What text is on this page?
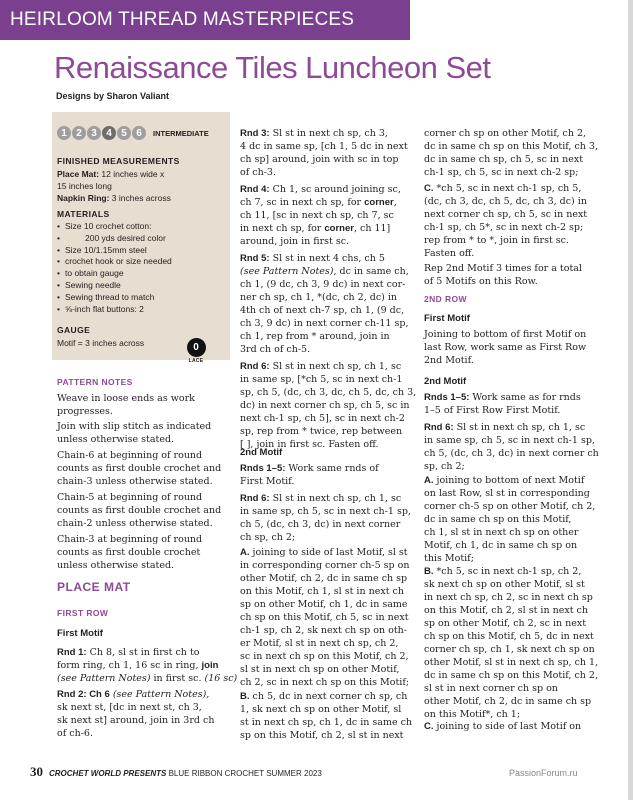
HEIRLOOM THREAD MASTERPIECES
Renaissance Tiles Luncheon Set
Designs by Sharon Valiant
1 2 3 4 5 6	INTERMEDIATE
FINISHED MEASUREMENTS
Place Mat: 12 inches wide x
15 inches long
Napkin Ring: 3 inches across
MATERIALS
0
LACE
GAUGE
Motif = 3 inches across
• Size 10 crochet cotton:
• 200 yds desired color
• Size 10/1.15mm steel
• crochet hook or size needed
• to obtain gauge
• Sewing needle
• Sewing thread to match
• ⅝-inch flat buttons: 2
PATTERN NOTES
Weave in loose ends as work
progresses.
Join with slip stitch as indicated
unless otherwise stated.
Chain-6 at beginning of round
counts as first double crochet and
chain-3 unless otherwise stated.
Chain-5 at beginning of round
counts as first double crochet and
chain-2 unless otherwise stated.
Chain-3 at beginning of round
counts as first double crochet
unless otherwise stated.
PLACE MAT
FIRST ROW
First Motif
Rnd 1: Ch 8, sl st in first ch to
form ring, ch 1, 16 sc in ring, join
(see Pattern Notes) in first sc. (16 sc)
Rnd 2: Ch 6 (see Pattern Notes),
sk next st, [dc in next st, ch 3,
sk next st] around, join in 3rd ch
of ch-6.
Rnd 3: Sl st in next ch sp, ch 3,
4 dc in same sp, [ch 1, 5 dc in next
ch sp] around, join with sc in top
of ch-3.
Rnd 4: Ch 1, sc around joining sc,
ch 7, sc in next ch sp, for corner,
ch 11, [sc in next ch sp, ch 7, sc
in next ch sp, for corner, ch 11]
around, join in first sc.
Rnd 5: Sl st in next 4 chs, ch 5
(see Pattern Notes), dc in same ch,
ch 1, (9 dc, ch 3, 9 dc) in next cor-
ner ch sp, ch 1, *(dc, ch 2, dc) in
4th ch of next ch-7 sp, ch 1, (9 dc,
ch 3, 9 dc) in next corner ch-11 sp,
ch 1, rep from * around, join in
3rd ch of ch-5.
Rnd 6: Sl st in next ch sp, ch 1, sc
in same sp, [*ch 5, sc in next ch-1
sp, ch 5, (dc, ch 3, dc, ch 5, dc, ch 3,
dc) in next corner ch sp, ch 5, sc in
next ch-1 sp, ch 5], sc in next ch-2
sp, rep from * twice, rep between
[ ], join in first sc. Fasten off.
2nd Motif
Rnds 1–5: Work same rnds of
First Motif.
Rnd 6: Sl st in next ch sp, ch 1, sc
in same sp, ch 5, sc in next ch-1 sp,
ch 5, (dc, ch 3, dc) in next corner
ch sp, ch 2;
A. joining to side of last Motif, sl st
in corresponding corner ch-5 sp on
other Motif, ch 2, dc in same ch sp
on this Motif, ch 1, sl st in next ch
sp on other Motif, ch 1, dc in same
ch sp on this Motif, ch 5, sc in next
ch-1 sp, ch 2, sk next ch sp on oth-
er Motif, sl st in next ch sp, ch 2,
sc in next ch sp on this Motif, ch 2,
sl st in next ch sp on other Motif,
ch 2, sc in next ch sp on this Motif;
B. ch 5, dc in next corner ch sp, ch
1, sk next ch sp on other Motif, sl
st in next ch sp, ch 1, dc in same ch
sp on this Motif, ch 2, sl st in next
corner ch sp on other Motif, ch 2,
dc in same ch sp on this Motif, ch 3,
dc in same ch sp, ch 5, sc in next
ch-1 sp, ch 5, sc in next ch-2 sp;
C. *ch 5, sc in next ch-1 sp, ch 5,
(dc, ch 3, dc, ch 5, dc, ch 3, dc) in
next corner ch sp, ch 5, sc in next
ch-1 sp, ch 5*, sc in next ch-2 sp;
rep from * to *, join in first sc.
Fasten off.
Rep 2nd Motif 3 times for a total
of 5 Motifs on this Row.
2ND ROW
First Motif
Joining to bottom of first Motif on
last Row, work same as First Row
2nd Motif.
2nd Motif
Rnds 1–5: Work same as for rnds
1–5 of First Row First Motif.
Rnd 6: Sl st in next ch sp, ch 1, sc
in same sp, ch 5, sc in next ch-1 sp,
ch 5, (dc, ch 3, dc) in next corner ch
sp, ch 2;
A. joining to bottom of next Motif
on last Row, sl st in corresponding
corner ch-5 sp on other Motif, ch 2,
dc in same ch sp on this Motif,
ch 1, sl st in next ch sp on other
Motif, ch 1, dc in same ch sp on
this Motif;
B. *ch 5, sc in next ch-1 sp, ch 2,
sk next ch sp on other Motif, sl st
in next ch sp, ch 2, sc in next ch sp
on this Motif, ch 2, sl st in next ch
sp on other Motif, ch 2, sc in next
ch sp on this Motif, ch 5, dc in next
corner ch sp, ch 1, sk next ch sp on
other Motif, sl st in next ch sp, ch 1,
dc in same ch sp on this Motif, ch 2,
sl st in next corner ch sp on
other Motif, ch 2, dc in same ch sp
on this Motif*, ch 1;
C. joining to side of last Motif on
30 CROCHET WORLD PRESENTS BLUE RIBBON CROCHET SUMMER 2023	PassionForum.ru
